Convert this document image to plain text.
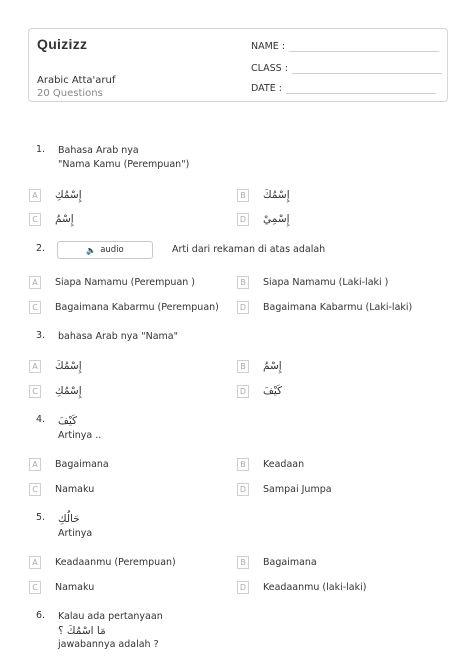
Quizizz
Arabic Atta'aruf
20 Questions
NAME :
CLASS :
DATE :
1.	Bahasa Arab nya
"Nama Kamu (Perempuan")
A	إِسْمُكِ	B	إِسْمُكَ
C	إِسْمُ	D إِسْمِيْ
2.	Arti dari rekaman di atas adalah
🔈 audio
A	Siapa Namamu (Perempuan )	B	Siapa Namamu (Laki-laki )
C	Bagaimana Kabarmu (Perempuan)	D	Bagaimana Kabarmu (Laki-laki)
3.	bahasa Arab nya "Nama"
A	إِسْمُكَ	B	إِسْمُ
C	إِسْمُكِ	D كَيْفَ
4.	كَيْفَ
Artinya ..
A	Bagaimana	B	Keadaan
C	Namaku	D	Sampai Jumpa
5.	حَالُكِ
Artinya
A	Keadaanmu (Perempuan)	B	Bagaimana
C	Namaku	D	Keadaanmu (laki-laki)
6.	Kalau ada pertanyaan
مَا اسْمُكَ ؟
jawabannya adalah ?
